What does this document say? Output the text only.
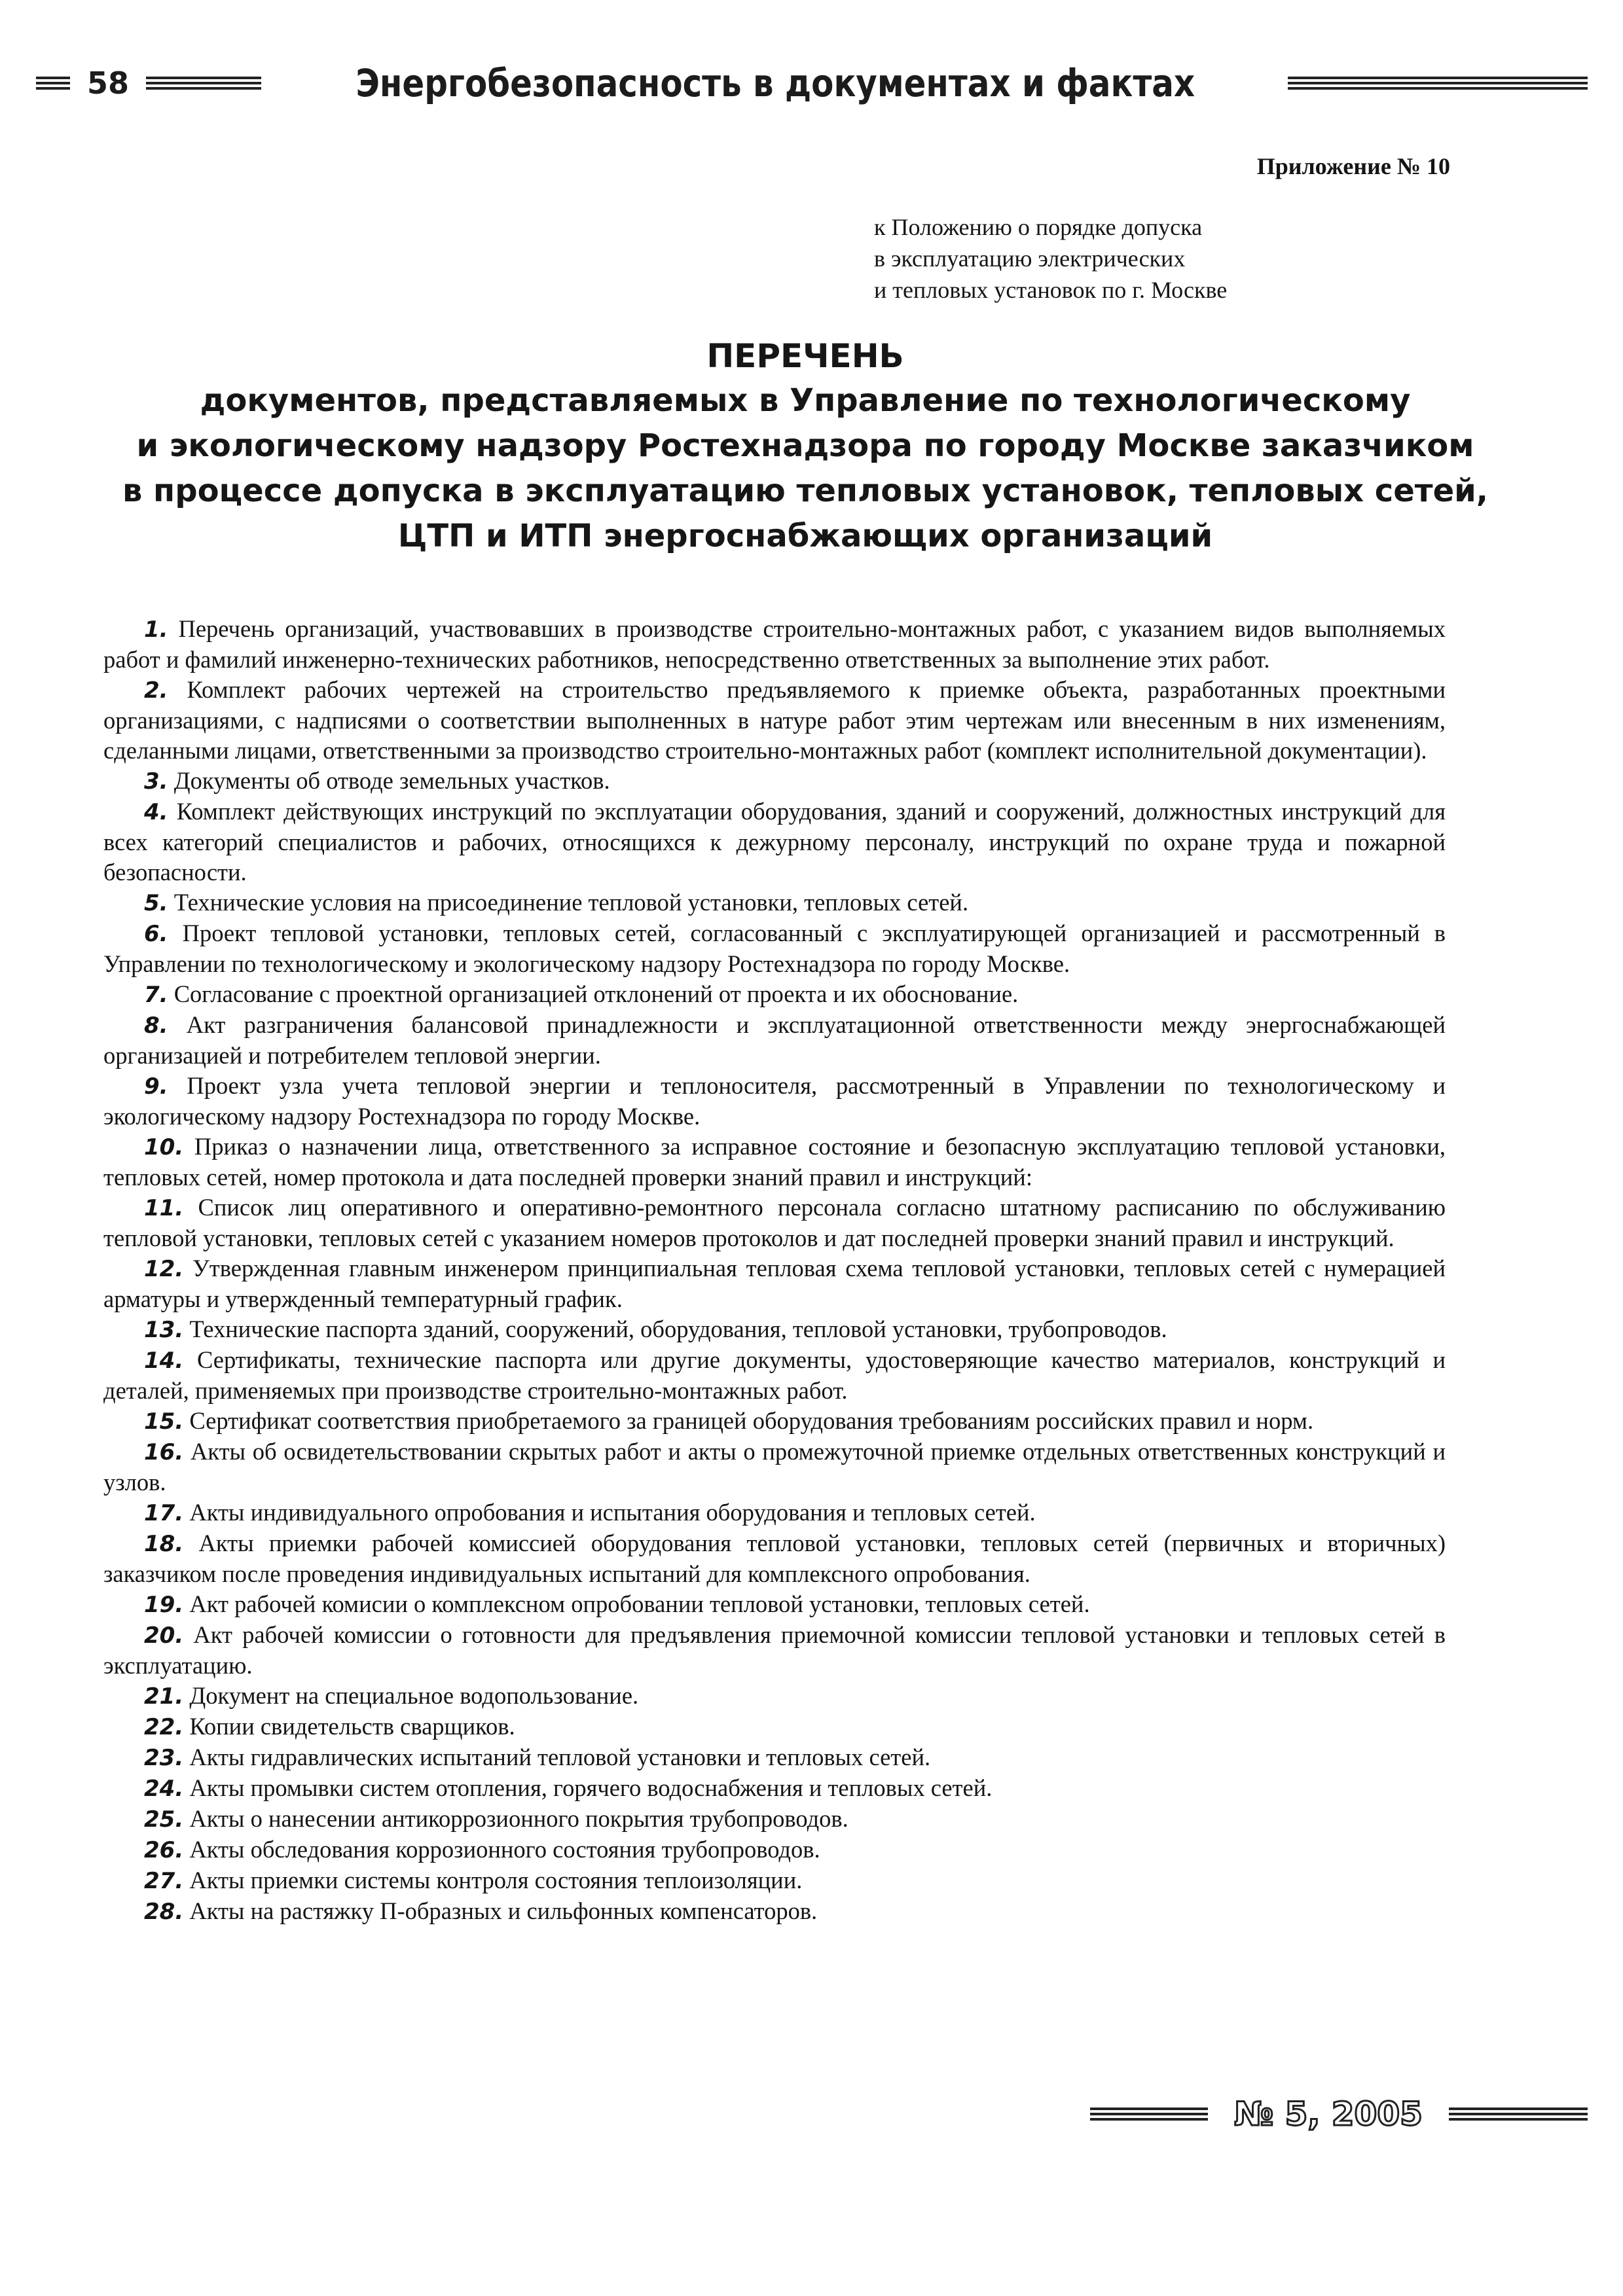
58	Энергобезопасность в документах и фактах
Приложение № 10
к Положению о порядке допуска
в эксплуатацию электрических
и тепловых установок по г. Москве
ПЕРЕЧЕНЬ
документов, представляемых в Управление по технологическому
и экологическому надзору Ростехнадзора по городу Москве заказчиком
в процессе допуска в эксплуатацию тепловых установок, тепловых сетей,
ЦТП и ИТП энергоснабжающих организаций

1. Перечень организаций, участвовавших в производстве строительно-монтажных работ, с указанием видов выполняемых работ и фамилий инженерно-технических работников, непосредственно ответственных за выполнение этих работ.

2. Комплект рабочих чертежей на строительство предъявляемого к приемке объекта, разработанных проектными организациями, с надписями о соответствии выполненных в натуре работ этим чертежам или внесенным в них изменениям, сделанными лицами, ответственными за производство строительно-монтажных работ (комплект исполнительной документации).

3. Документы об отводе земельных участков.

4. Комплект действующих инструкций по эксплуатации оборудования, зданий и сооружений, должностных инструкций для всех категорий специалистов и рабочих, относящихся к дежурному персоналу, инструкций по охране труда и пожарной безопасности.

5. Технические условия на присоединение тепловой установки, тепловых сетей.

6. Проект тепловой установки, тепловых сетей, согласованный с эксплуатирующей организацией и рассмотренный в Управлении по технологическому и экологическому надзору Ростехнадзора по городу Москве.

7. Согласование с проектной организацией отклонений от проекта и их обоснование.

8. Акт разграничения балансовой принадлежности и эксплуатационной ответственности между энергоснабжающей организацией и потребителем тепловой энергии.

9. Проект узла учета тепловой энергии и теплоносителя, рассмотренный в Управлении по технологическому и экологическому надзору Ростехнадзора по городу Москве.

10. Приказ о назначении лица, ответственного за исправное состояние и безопасную эксплуатацию тепловой установки, тепловых сетей, номер протокола и дата последней проверки знаний правил и инструкций:

11. Список лиц оперативного и оперативно-ремонтного персонала согласно штатному расписанию по обслуживанию тепловой установки, тепловых сетей с указанием номеров протоколов и дат последней проверки знаний правил и инструкций.

12. Утвержденная главным инженером принципиальная тепловая схема тепловой установки, тепловых сетей с нумерацией арматуры и утвержденный температурный график.

13. Технические паспорта зданий, сооружений, оборудования, тепловой установки, трубопроводов.

14. Сертификаты, технические паспорта или другие документы, удостоверяющие качество материалов, конструкций и деталей, применяемых при производстве строительно-монтажных работ.

15. Сертификат соответствия приобретаемого за границей оборудования требованиям российских правил и норм.

16. Акты об освидетельствовании скрытых работ и акты о промежуточной приемке отдельных ответственных конструкций и узлов.

17. Акты индивидуального опробования и испытания оборудования и тепловых сетей.

18. Акты приемки рабочей комиссией оборудования тепловой установки, тепловых сетей (первичных и вторичных) заказчиком после проведения индивидуальных испытаний для комплексного опробования.

19. Акт рабочей комисии о комплексном опробовании тепловой установки, тепловых сетей.

20. Акт рабочей комиссии о готовности для предъявления приемочной комиссии тепловой установки и тепловых сетей в эксплуатацию.

21. Документ на специальное водопользование.

22. Копии свидетельств сварщиков.

23. Акты гидравлических испытаний тепловой установки и тепловых сетей.

24. Акты промывки систем отопления, горячего водоснабжения и тепловых сетей.

25. Акты о нанесении антикоррозионного покрытия трубопроводов.

26. Акты обследования коррозионного состояния трубопроводов.

27. Акты приемки системы контроля состояния теплоизоляции.

28. Акты на растяжку П-образных и сильфонных компенсаторов.

№ 5, 2005
